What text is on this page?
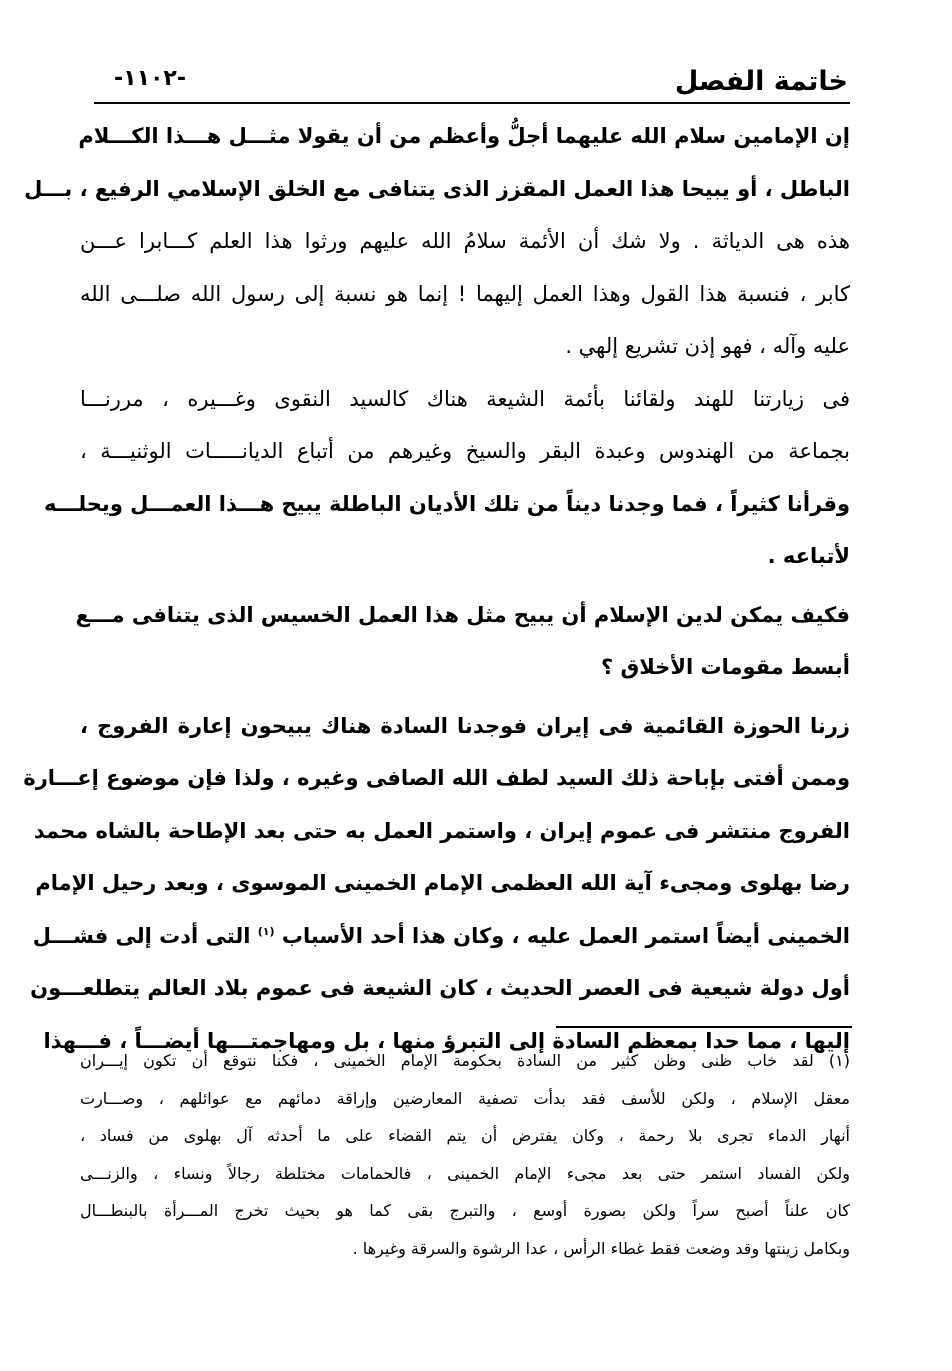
خاتمة الفصل
-١١٠٢-
إن الإمامين سلام الله عليهما أجلُّ وأعظم من أن يقولا مثـــل هـــذا الكـــلام
الباطل ، أو يبيحا هذا العمل المقزز الذى يتنافى مع الخلق الإسلامي الرفيع ، بـــل
هذه هى الدياثة . ولا شك أن الأئمة سلامُ الله عليهم ورثوا هذا العلم كـــابرا عـــن
كابر ، فنسبة هذا القول وهذا العمل إليهما ! إنما هو نسبة إلى رسول الله صلـــى الله
عليه وآله ، فهو إذن تشريع إلهي .
فى زيارتنا للهند ولقائنا بأئمة الشيعة هناك كالسيد النقوى وغـــيره ، مررنـــا
بجماعة من الهندوس وعبدة البقر والسيخ وغيرهم من أتباع الديانـــــات الوثنيـــة ،
وقرأنا كثيراً ، فما وجدنا ديناً من تلك الأديان الباطلة يبيح هـــذا العمـــل ويحلـــه
لأتباعه .
فكيف يمكن لدين الإسلام أن يبيح مثل هذا العمل الخسيس الذى يتنافى مـــع
أبسط مقومات الأخلاق ؟
زرنا الحوزة القائمية فى إيران فوجدنا السادة هناك يبيحون إعارة الفروج ،
وممن أفتى بإباحة ذلك السيد لطف الله الصافى وغيره ، ولذا فإن موضوع إعـــارة
الفروج منتشر فى عموم إيران ، واستمر العمل به حتى بعد الإطاحة بالشاه محمد
رضا بهلوى ومجىء آية الله العظمى الإمام الخمينى الموسوى ، وبعد رحيل الإمام
الخمينى أيضاً استمر العمل عليه ، وكان هذا أحد الأسباب $^{(١)}$ التى أدت إلى فشـــل
أول دولة شيعية فى العصر الحديث ، كان الشيعة فى عموم بلاد العالم يتطلعـــون
إليها ، مما حدا بمعظم السادة إلى التبرؤ منها ، بل ومهاجمتـــها أيضـــاً ، فـــهذا
(١) لقد خاب ظنى وظن كثير من السادة بحكومة الإمام الخمينى ، فكنا نتوقع أن تكون إيـــران
معقل الإسلام ، ولكن للأسف فقد بدأت تصفية المعارضين وإراقة دمائهم مع عوائلهم ، وصـــارت
أنهار الدماء تجرى بلا رحمة ، وكان يفترض أن يتم القضاء على ما أحدثه آل بهلوى من فساد ،
ولكن الفساد استمر حتى بعد مجىء الإمام الخمينى ، فالحمامات مختلطة رجالاً ونساء ، والزنـــى
كان علناً أصبح سراً ولكن بصورة أوسع ، والتبرج بقى كما هو بحيث تخرج المـــرأة بالبنطـــال
وبكامل زينتها وقد وضعت فقط غطاء الرأس ، عدا الرشوة والسرقة وغيرها .
